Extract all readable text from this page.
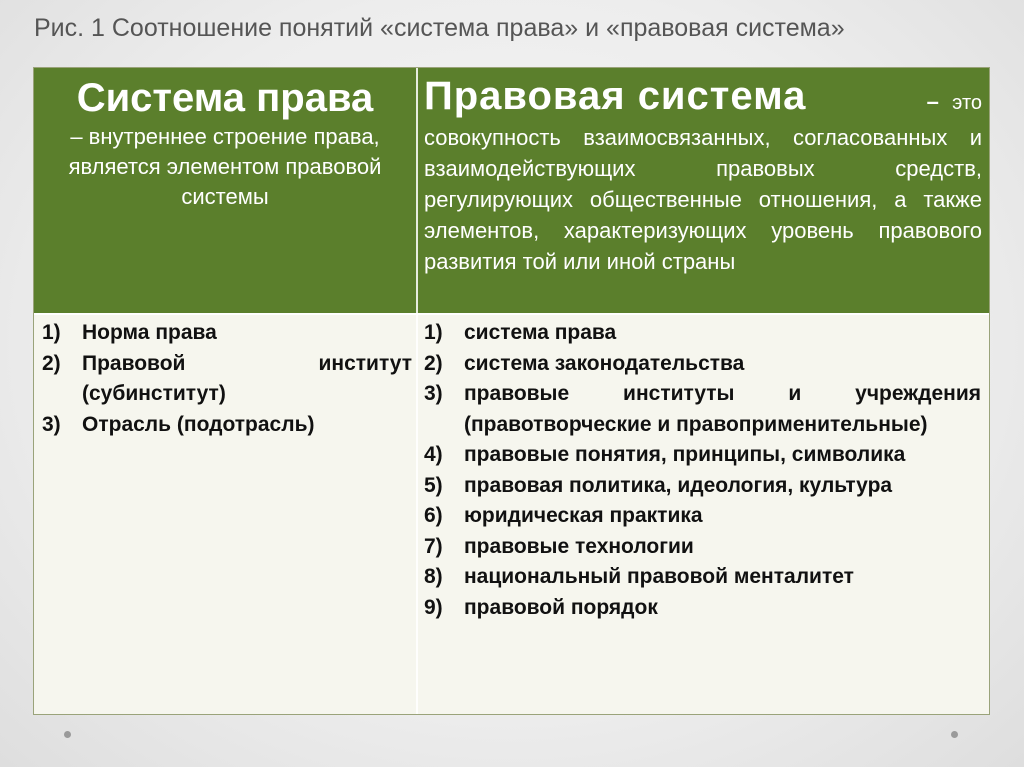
Рис. 1 Соотношение понятий «система права» и «правовая система»
Система права
– внутреннее строение права, является элементом правовой системы
Правовая система	– это
совокупность взаимосвязанных, согласованных и взаимодействующих правовых средств, регулирующих общественные отношения, а также элементов, характеризующих уровень правового развития той или иной страны
1)	Норма права
2)	Правовой институт (субинститут)
3)	Отрасль (подотрасль)
1)	система права
2)	система законодательства
3)	правовые институты и учреждения (правотворческие и правоприменительные)
4)	правовые понятия, принципы, символика
5)	правовая политика, идеология, культура
6)	юридическая практика
7)	правовые технологии
8)	национальный правовой менталитет
9)	правовой порядок
